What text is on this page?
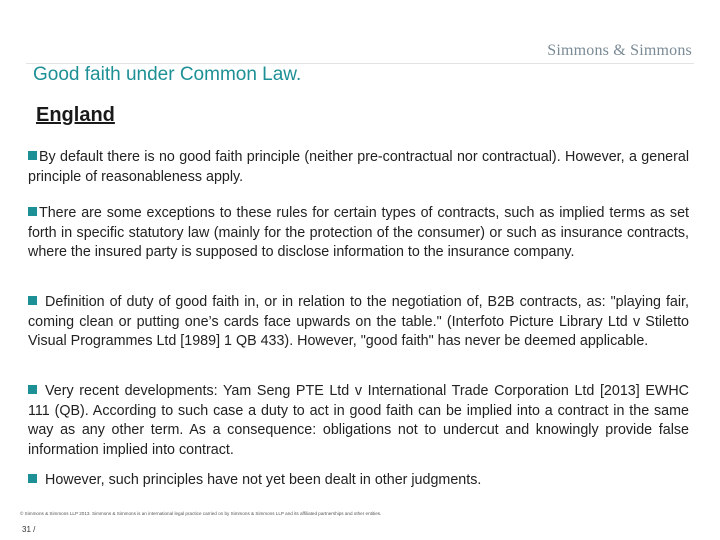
Simmons & Simmons
Good faith under Common Law.
England
By default there is no good faith principle (neither pre-contractual nor contractual). However, a general principle of reasonableness apply.
There are some exceptions to these rules for certain types of contracts, such as implied terms as set forth in specific statutory law (mainly for the protection of the consumer) or such as insurance contracts, where the insured party is supposed to disclose information to the insurance company.
Definition of duty of good faith in, or in relation to the negotiation of, B2B contracts, as: "playing fair, coming clean or putting one’s cards face upwards on the table." (Interfoto Picture Library Ltd v Stiletto Visual Programmes Ltd [1989] 1 QB 433). However, "good faith" has never be deemed applicable.
Very recent developments: Yam Seng PTE Ltd v International Trade Corporation Ltd [2013] EWHC 111 (QB). According to such case a duty to act in good faith can be implied into a contract in the same way as any other term. As a consequence: obligations not to undercut and knowingly provide false information implied into contract.
However, such principles have not yet been dealt in other judgments.
© Simmons & Simmons LLP 2013. Simmons & Simmons is an international legal practice carried on by Simmons & Simmons LLP and its affiliated partnerships and other entities.
31 /
